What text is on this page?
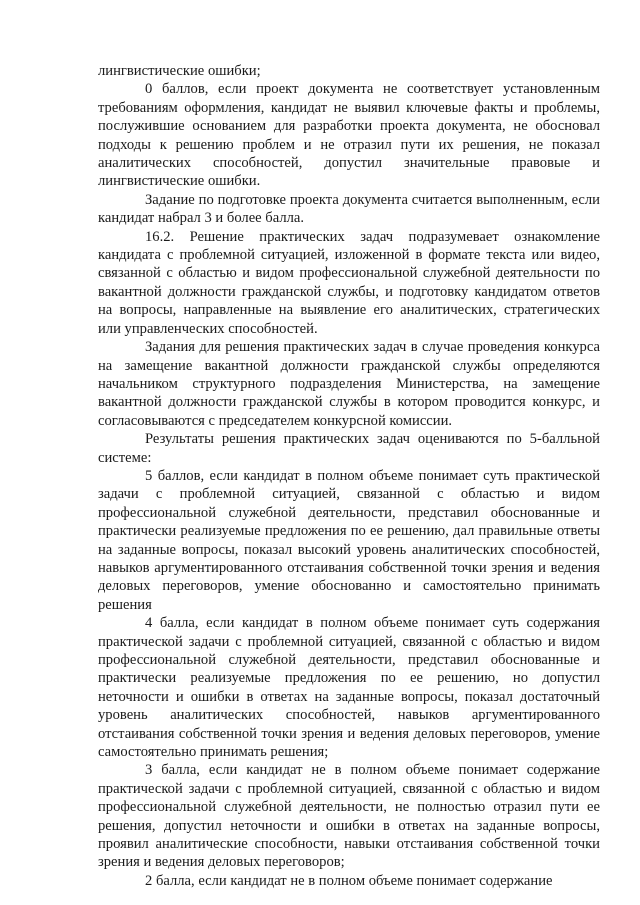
лингвистические ошибки;

0 баллов, если проект документа не соответствует установленным требованиям оформления, кандидат не выявил ключевые факты и проблемы, послужившие основанием для разработки проекта документа, не обосновал подходы к решению проблем и не отразил пути их решения, не показал аналитических способностей, допустил значительные правовые и лингвистические ошибки.

Задание по подготовке проекта документа считается выполненным, если кандидат набрал 3 и более балла.

16.2. Решение практических задач подразумевает ознакомление кандидата с проблемной ситуацией, изложенной в формате текста или видео, связанной с областью и видом профессиональной служебной деятельности по вакантной должности гражданской службы, и подготовку кандидатом ответов на вопросы, направленные на выявление его аналитических, стратегических или управленческих способностей.

Задания для решения практических задач в случае проведения конкурса на замещение вакантной должности гражданской службы определяются начальником структурного подразделения Министерства, на замещение вакантной должности гражданской службы в котором проводится конкурс, и согласовываются с председателем конкурсной комиссии.

Результаты решения практических задач оцениваются по 5-балльной системе:

5 баллов, если кандидат в полном объеме понимает суть практической задачи с проблемной ситуацией, связанной с областью и видом профессиональной служебной деятельности, представил обоснованные и практически реализуемые предложения по ее решению, дал правильные ответы на заданные вопросы, показал высокий уровень аналитических способностей, навыков аргументированного отстаивания собственной точки зрения и ведения деловых переговоров, умение обоснованно и самостоятельно принимать решения

4 балла, если кандидат в полном объеме понимает суть содержания практической задачи с проблемной ситуацией, связанной с областью и видом профессиональной служебной деятельности, представил обоснованные и практически реализуемые предложения по ее решению, но допустил неточности и ошибки в ответах на заданные вопросы, показал достаточный уровень аналитических способностей, навыков аргументированного отстаивания собственной точки зрения и ведения деловых переговоров, умение самостоятельно принимать решения;

3 балла, если кандидат не в полном объеме понимает содержание практической задачи с проблемной ситуацией, связанной с областью и видом профессиональной служебной деятельности, не полностью отразил пути ее решения, допустил неточности и ошибки в ответах на заданные вопросы, проявил аналитические способности, навыки отстаивания собственной точки зрения и ведения деловых переговоров;

2 балла, если кандидат не в полном объеме понимает содержание
